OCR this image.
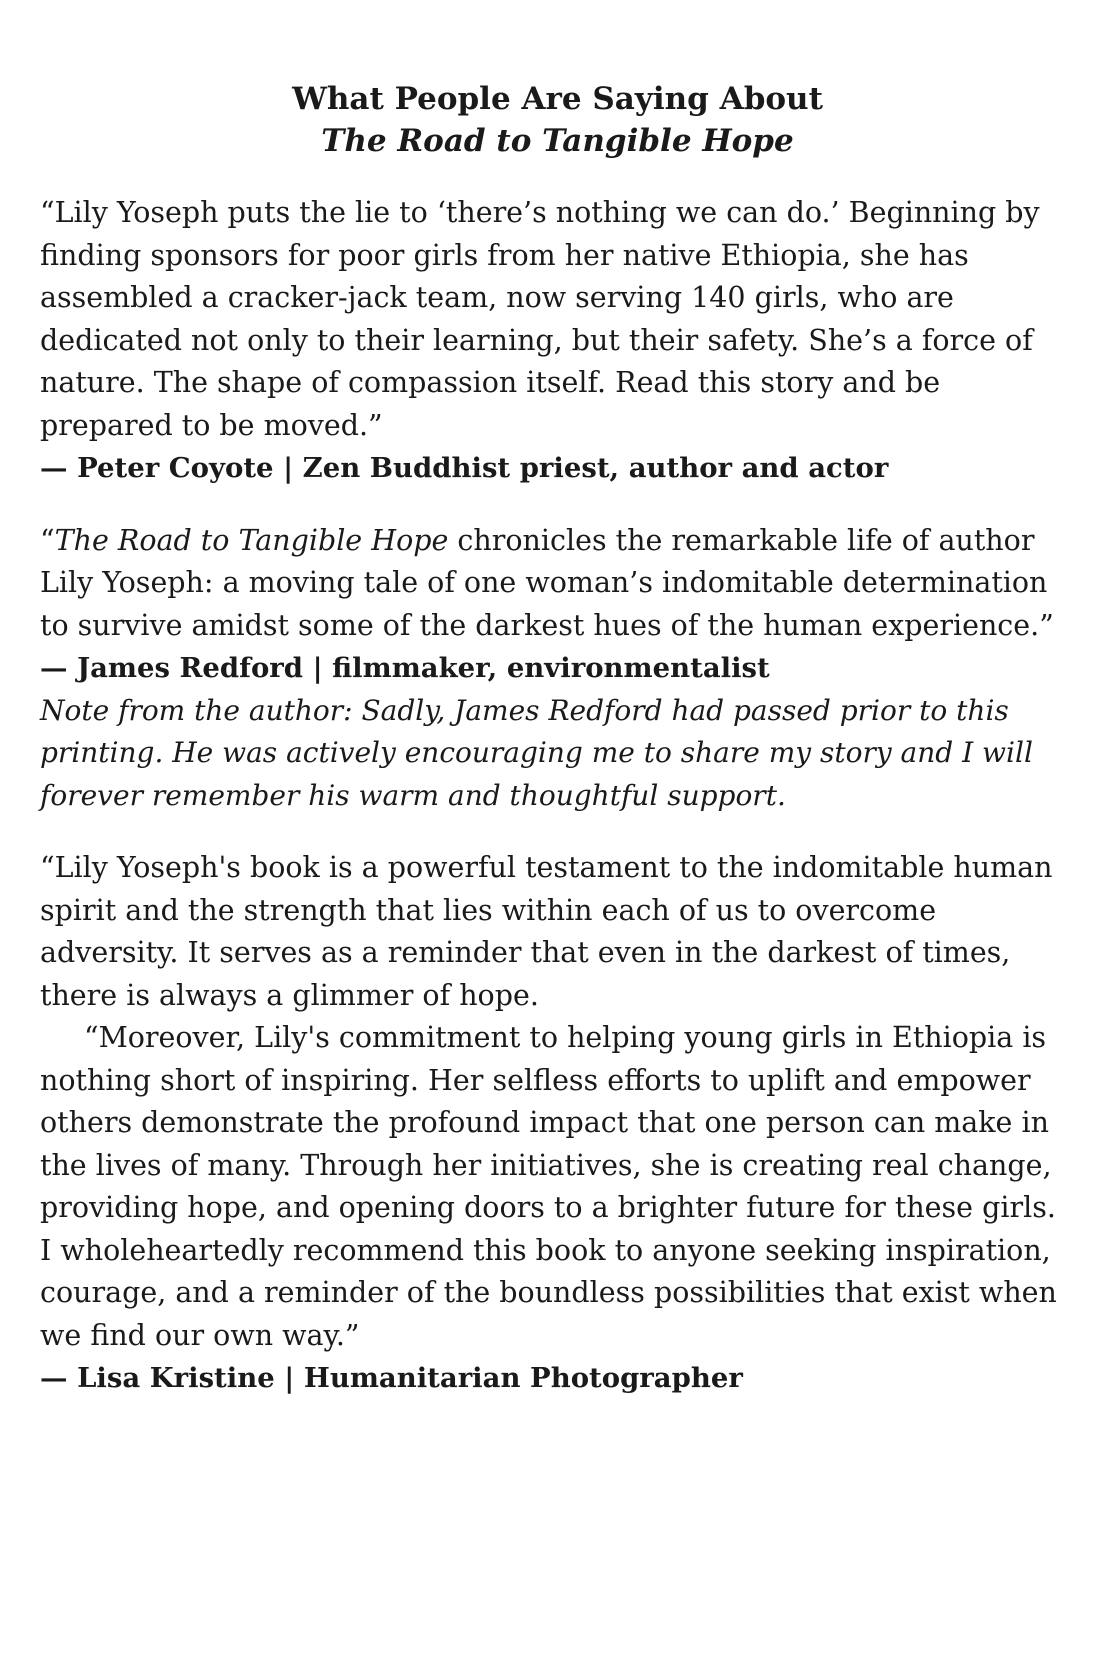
What People Are Saying About
The Road to Tangible Hope

“Lily Yoseph puts the lie to ‘there’s nothing we can do.’ Beginning by finding sponsors for poor girls from her native Ethiopia, she has assembled a cracker-jack team, now serving 140 girls, who are dedicated not only to their learning, but their safety. She’s a force of nature. The shape of compassion itself. Read this story and be prepared to be moved.”

— Peter Coyote | Zen Buddhist priest, author and actor

“The Road to Tangible Hope chronicles the remarkable life of author Lily Yoseph: a moving tale of one woman’s indomitable determination to survive amidst some of the darkest hues of the human experience.”

— James Redford | filmmaker, environmentalist

Note from the author: Sadly, James Redford had passed prior to this printing. He was actively encouraging me to share my story and I will forever remember his warm and thoughtful support.

“Lily Yoseph's book is a powerful testament to the indomitable human spirit and the strength that lies within each of us to overcome adversity. It serves as a reminder that even in the darkest of times, there is always a glimmer of hope.

“Moreover, Lily's commitment to helping young girls in Ethiopia is nothing short of inspiring. Her selfless efforts to uplift and empower others demonstrate the profound impact that one person can make in the lives of many. Through her initiatives, she is creating real change, providing hope, and opening doors to a brighter future for these girls. I wholeheartedly recommend this book to anyone seeking inspiration, courage, and a reminder of the boundless possibilities that exist when we find our own way.”

— Lisa Kristine | Humanitarian Photographer
